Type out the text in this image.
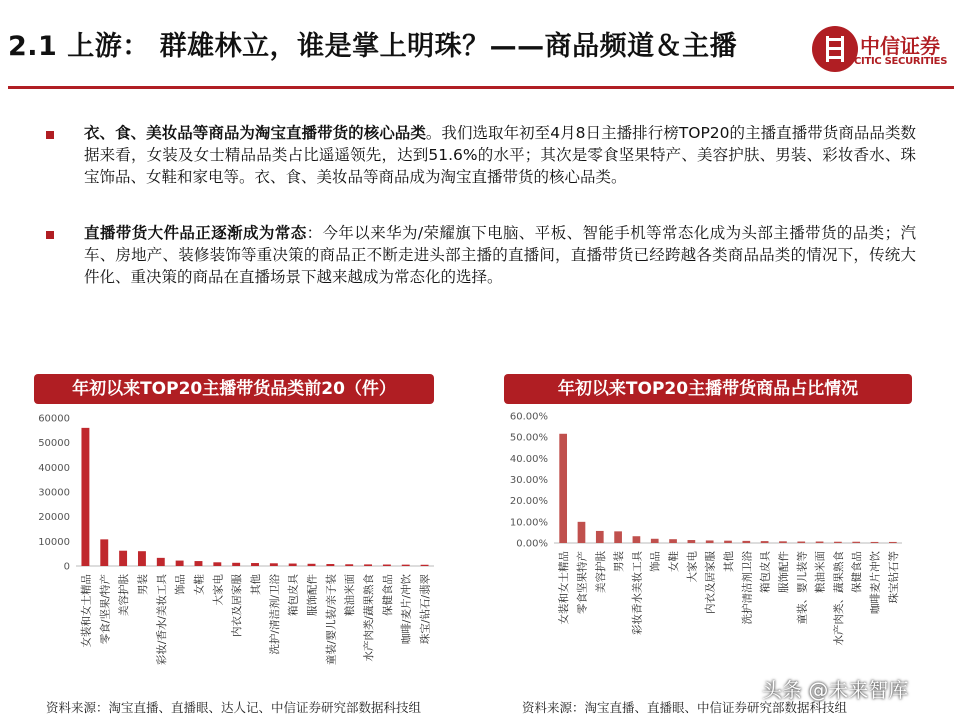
2.1 上游： 群雄林立，谁是掌上明珠？——商品频道＆主播	中信证券
CITIC SECURITIES
衣、食、美妆品等商品为淘宝直播带货的核心品类。我们选取年初至4月8日主播排行榜TOP20的主播直播带货商品品类数据来看，女装及女士精品品类占比遥遥领先，达到51.6%的水平；其次是零食坚果特产、美容护肤、男装、彩妆香水、珠宝饰品、女鞋和家电等。衣、食、美妆品等商品成为淘宝直播带货的核心品类。
直播带货大件品正逐渐成为常态：今年以来华为/荣耀旗下电脑、平板、智能手机等常态化成为头部主播带货的品类；汽车、房地产、装修装饰等重决策的商品正不断走进头部主播的直播间，直播带货已经跨越各类商品品类的情况下，传统大件化、重决策的商品在直播场景下越来越成为常态化的选择。
年初以来TOP20主播带货品类前20（件）	年初以来TOP20主播带货商品占比情况
0
10000
20000
30000
40000
50000
60000
女装和女士精品 零食/坚果/特产 美容护肤 男装 彩妆/香水/美妆工具 饰品 女鞋 大家电 内衣及居家服 其他 洗护/清洁剂/卫浴 箱包皮具 服饰配件 童装/婴儿装/亲子装 粮油米面 水产肉类/蔬果熟食 保健食品 咖啡/麦片/冲饮 珠宝/钻石/翡翠
0.00%
10.00%
20.00%
30.00%
40.00%
50.00%
60.00%
女装和女士精品 零食坚果特产 美容护肤 男装 彩妆香水美妆工具 饰品 女鞋 大家电 内衣及居家服 其他 洗护清洁剂卫浴 箱包皮具 服饰配件 童装、婴儿装等 粮油米面 水产肉类、蔬果熟食 保健食品 咖啡麦片冲饮 珠宝钻石等
资料来源：淘宝直播、直播眼、达人记、中信证券研究部数据科技组	资料来源：淘宝直播、直播眼、中信证券研究部数据科技组
头条 @未来智库
